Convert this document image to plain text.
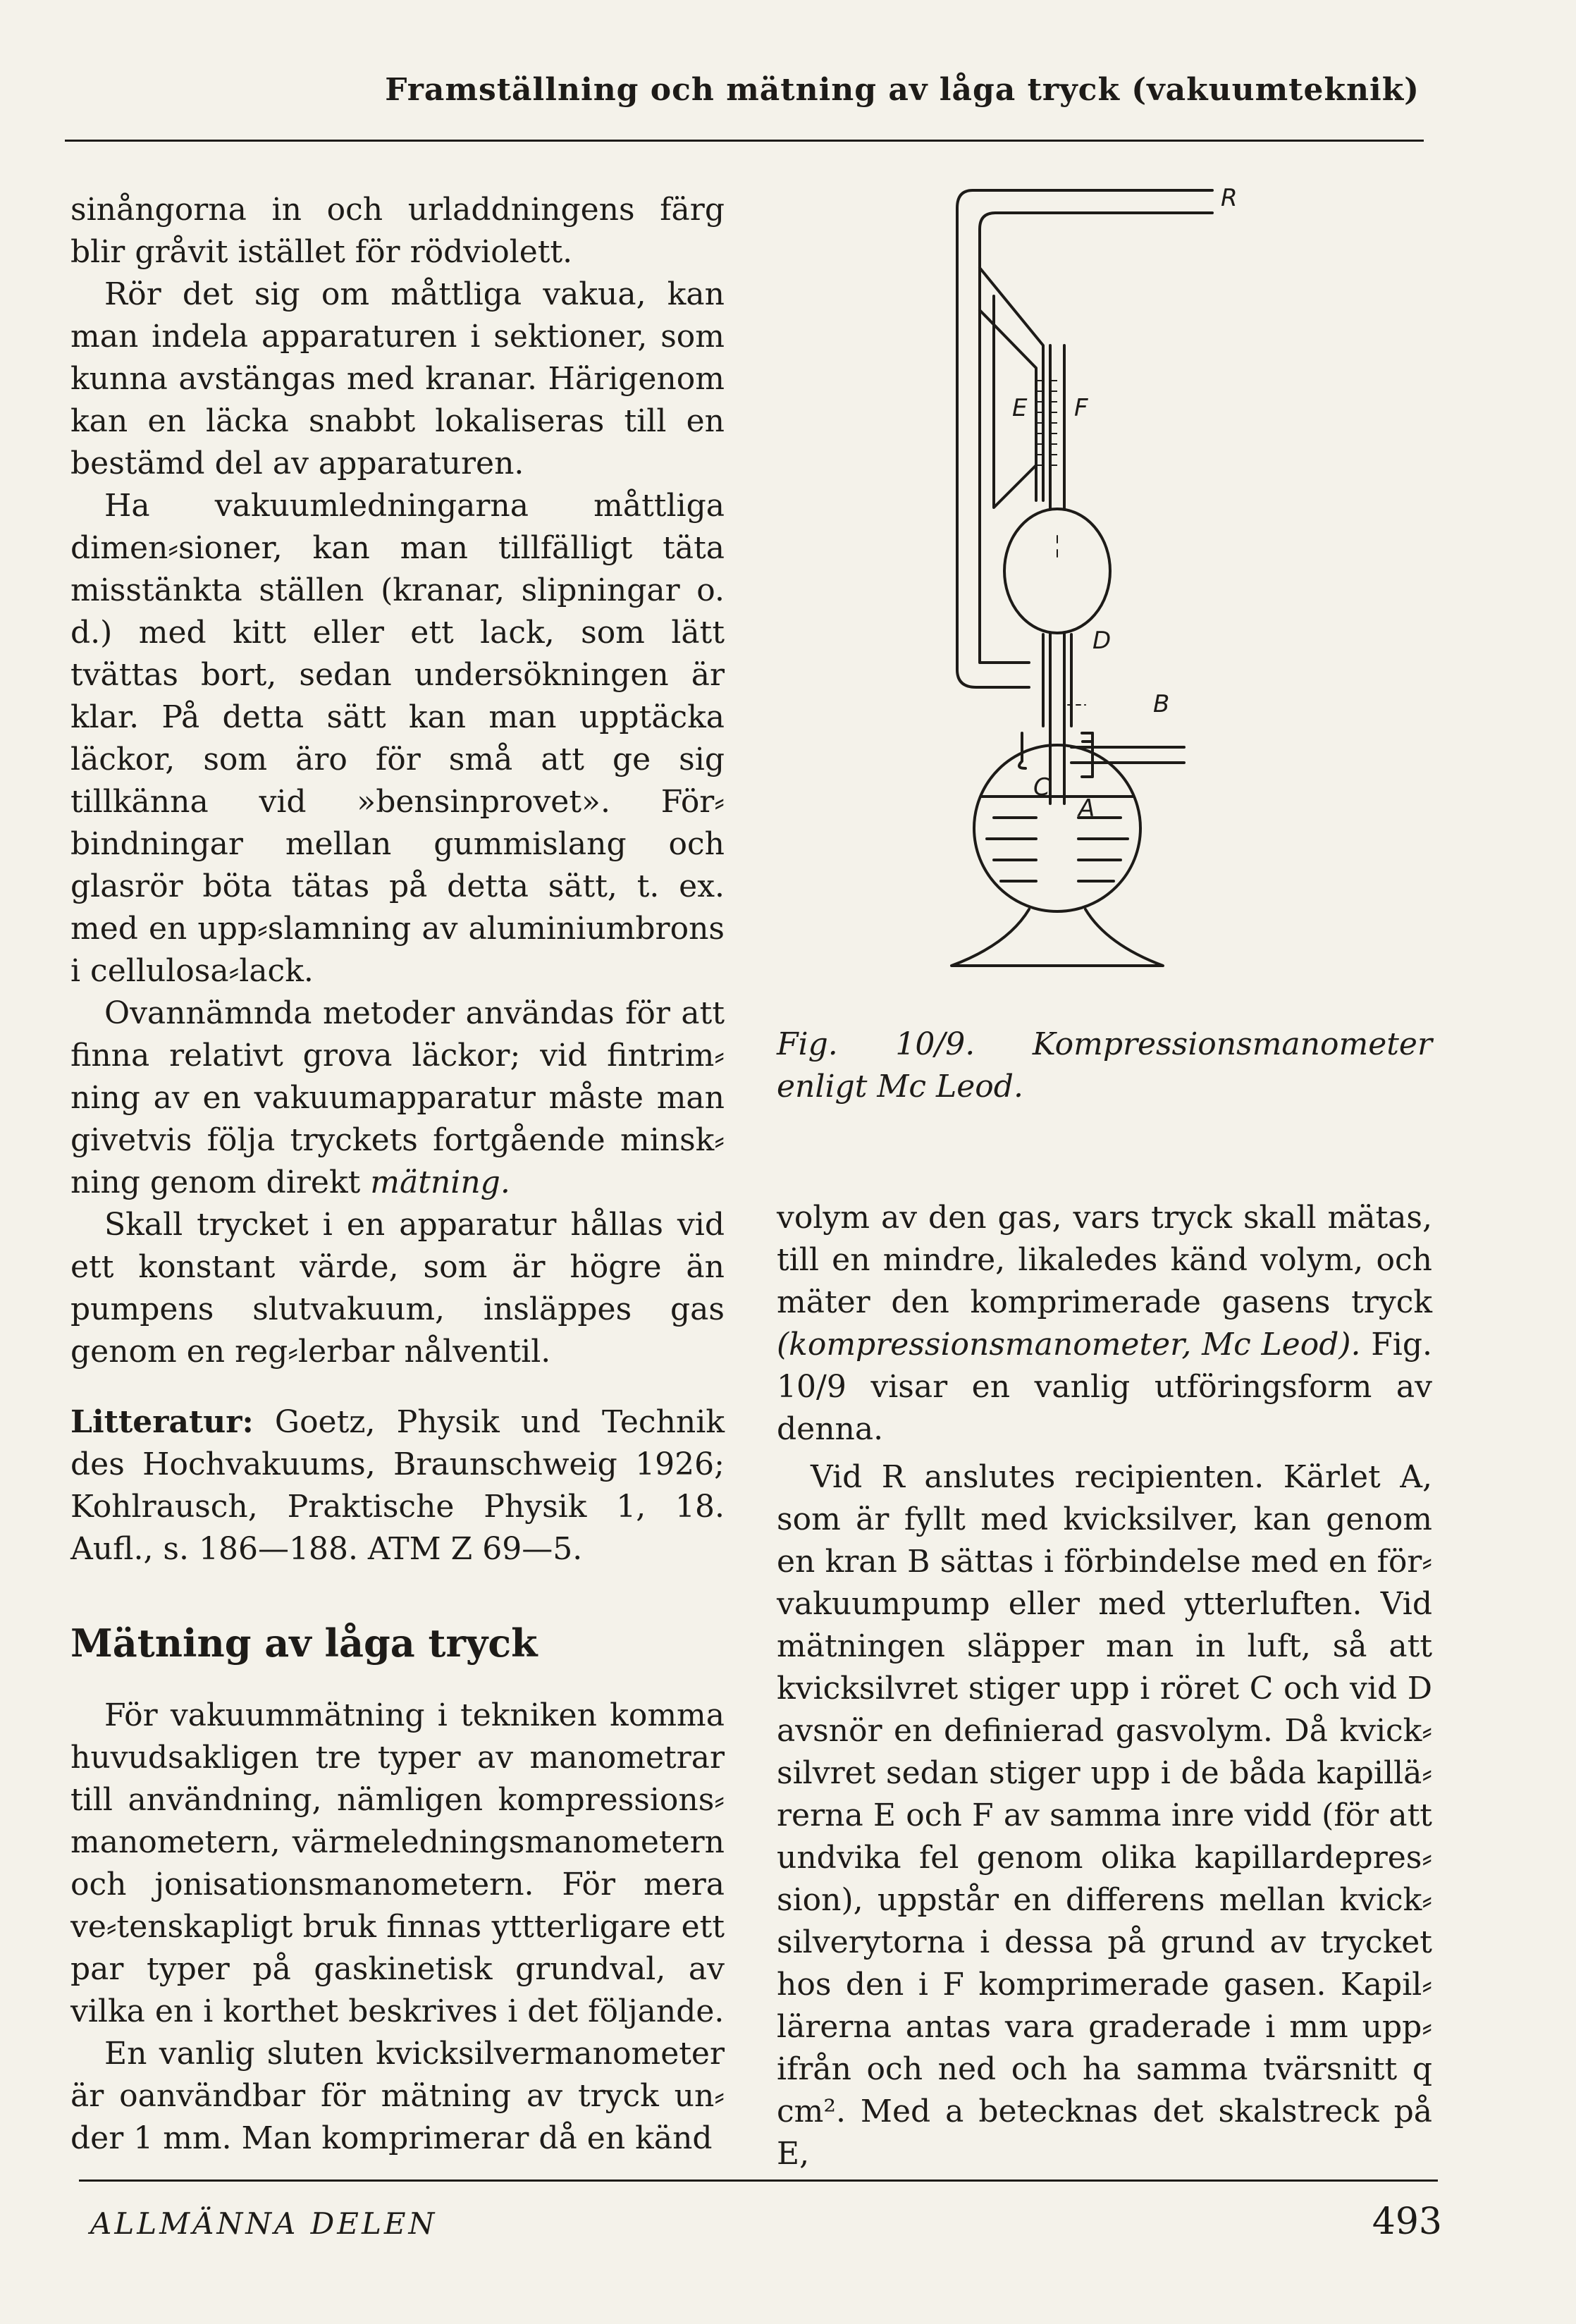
Framställning och mätning av låga tryck (vakuumteknik)

sinångorna in och urladdningens färg blir gråvit istället för rödviolett.

Rör det sig om måttliga vakua, kan man indela apparaturen i sektioner, som kunna avstängas med kranar. Härigenom kan en läcka snabbt lokaliseras till en bestämd del av apparaturen.

Ha vakuumledningarna måttliga dimen⸗sioner, kan man tillfälligt täta misstänkta ställen (kranar, slipningar o. d.) med kitt eller ett lack, som lätt tvättas bort, sedan undersökningen är klar. På detta sätt kan man upptäcka läckor, som äro för små att ge sig tillkänna vid »bensinprovet». För⸗bindningar mellan gummislang och glasrör böta tätas på detta sätt, t. ex. med en upp⸗slamning av aluminiumbrons i cellulosa⸗lack.

Ovannämnda metoder användas för att finna relativt grova läckor; vid fintrim⸗ning av en vakuumapparatur måste man givetvis följa tryckets fortgående minsk⸗ning genom direkt mätning.

Skall trycket i en apparatur hållas vid ett konstant värde, som är högre än pumpens slutvakuum, insläppes gas genom en reg⸗lerbar nålventil.

Litteratur: Goetz, Physik und Technik des Hochvakuums, Braunschweig 1926; Kohlrausch, Praktische Physik 1, 18. Aufl., s. 186—188. ATM Z 69—5.

Mätning av låga tryck

För vakuummätning i tekniken komma huvudsakligen tre typer av manometrar till användning, nämligen kompressions⸗manometern, värmeledningsmanometern och jonisationsmanometern. För mera ve⸗tenskapligt bruk finnas yttterligare ett par typer på gaskinetisk grundval, av vilka en i korthet beskrives i det följande.

En vanlig sluten kvicksilvermanometer är oanvändbar för mätning av tryck un⸗der 1 mm. Man komprimerar då en känd

R
E F
D
B
C
A
Fig. 10/9. Kompressionsmanometer enligt Mc Leod.

volym av den gas, vars tryck skall mätas, till en mindre, likaledes känd volym, och mäter den komprimerade gasens tryck (kompressionsmanometer, Mc Leod). Fig. 10/9 visar en vanlig utföringsform av denna.

Vid R anslutes recipienten. Kärlet A, som är fyllt med kvicksilver, kan genom en kran B sättas i förbindelse med en för⸗vakuumpump eller med ytterluften. Vid mätningen släpper man in luft, så att kvicksilvret stiger upp i röret C och vid D avsnör en definierad gasvolym. Då kvick⸗silvret sedan stiger upp i de båda kapillä⸗rerna E och F av samma inre vidd (för att undvika fel genom olika kapillardepres⸗sion), uppstår en differens mellan kvick⸗silverytorna i dessa på grund av trycket hos den i F komprimerade gasen. Kapil⸗lärerna antas vara graderade i mm upp⸗ifrån och ned och ha samma tvärsnitt q cm². Med a betecknas det skalstreck på E,

ALLMÄNNA DELEN	493
